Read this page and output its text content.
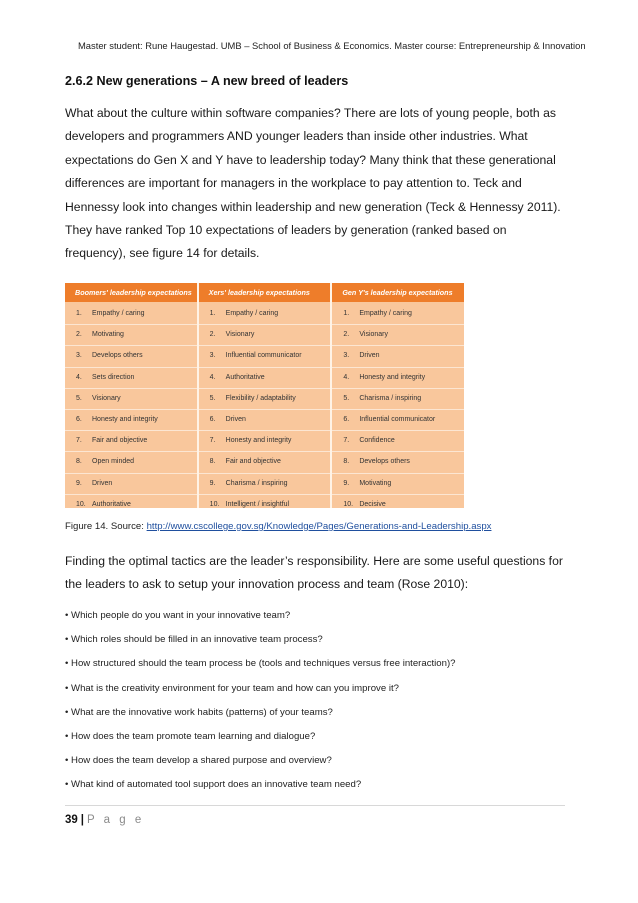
Master student: Rune Haugestad. UMB – School of Business & Economics. Master course: Entrepreneurship & Innovation
2.6.2 New generations – A new breed of leaders
What about the culture within software companies? There are lots of young people, both as
developers and programmers AND younger leaders than inside other industries. What
expectations do Gen X and Y have to leadership today? Many think that these generational
differences are important for managers in the workplace to pay attention to. Teck and
Hennessy look into changes within leadership and new generation (Teck & Hennessy 2011).
They have ranked Top 10 expectations of leaders by generation (ranked based on
frequency), see figure 14 for details.
Boomers' leadership expectations	Xers' leadership expectations	Gen Y's leadership expectations
1. Empathy / caring
2. Motivating
3. Develops others
4. Sets direction
5. Visionary
6. Honesty and integrity
7. Fair and objective
8. Open minded
9. Driven
10. Authoritative
1. Empathy / caring
2. Visionary
3. Influential communicator
4. Authoritative
5. Flexibility / adaptability
6. Driven
7. Honesty and integrity
8. Fair and objective
9. Charisma / inspiring
10. Intelligent / insightful
1. Empathy / caring
2. Visionary
3. Driven
4. Honesty and integrity
5. Charisma / inspiring
6. Influential communicator
7. Confidence
8. Develops others
9. Motivating
10. Decisive
Figure 14. Source: http://www.cscollege.gov.sg/Knowledge/Pages/Generations-and-Leadership.aspx
Finding the optimal tactics are the leader’s responsibility. Here are some useful questions for
the leaders to ask to setup your innovation process and team (Rose 2010):
• Which people do you want in your innovative team?
• Which roles should be filled in an innovative team process?
• How structured should the team process be (tools and techniques versus free interaction)?
• What is the creativity environment for your team and how can you improve it?
• What are the innovative work habits (patterns) of your teams?
• How does the team promote team learning and dialogue?
• How does the team develop a shared purpose and overview?
• What kind of automated tool support does an innovative team need?
39 | P a g e
